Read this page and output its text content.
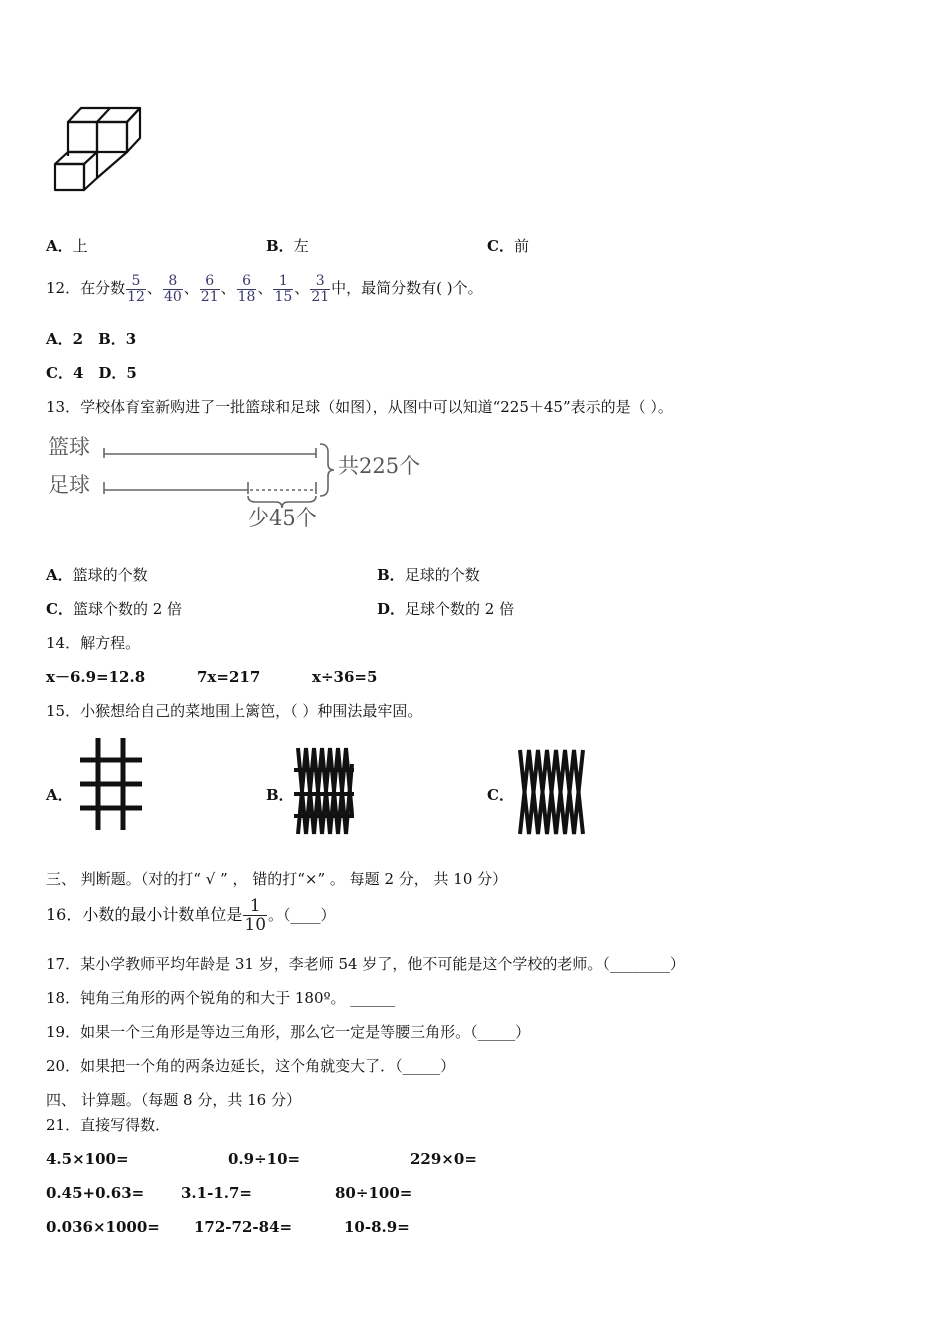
A．上	B．左	C．前
12．在分数 $\frac{5}{12}$ 、 $\frac{8}{40}$ 、 $\frac{6}{21}$ 、 $\frac{6}{18}$ 、 $\frac{1}{15}$ 、 $\frac{3}{21}$ 中，最简分数有( )个。
A．2　B．3
C．4　D．5
13．学校体育室新购进了一批篮球和足球（如图），从图中可以知道“225＋45”表示的是（ ）。
篮球
足球
共225个
少45个
A．篮球的个数	B．足球的个数
C．篮球个数的 2 倍	D．足球个数的 2 倍
14．解方程。
x－6.9=12.8	7x=217	x÷36=5
15．小猴想给自己的菜地围上篱笆，（ ）种围法最牢固。
A．	B．	C．
三、 判断题。（对的打“ √ ” ， 错的打“×” 。 每题 2 分， 共 10 分）
16．小数的最小计数单位是 $\frac{1}{10}$ 。（____）
17．某小学教师平均年龄是 31 岁，李老师 54 岁了，他不可能是这个学校的老师。（________）
18．钝角三角形的两个锐角的和大于 180º。 ______
19．如果一个三角形是等边三角形，那么它一定是等腰三角形。（_____）
20．如果把一个角的两条边延长，这个角就变大了．（_____）
四、 计算题。（每题 8 分，共 16 分）
21．直接写得数．
4.5×100=	0.9÷10=	229×0=
0.45+0.63= 3.1-1.7=	80÷100=
0.036×1000= 172-72-84=	10-8.9=
